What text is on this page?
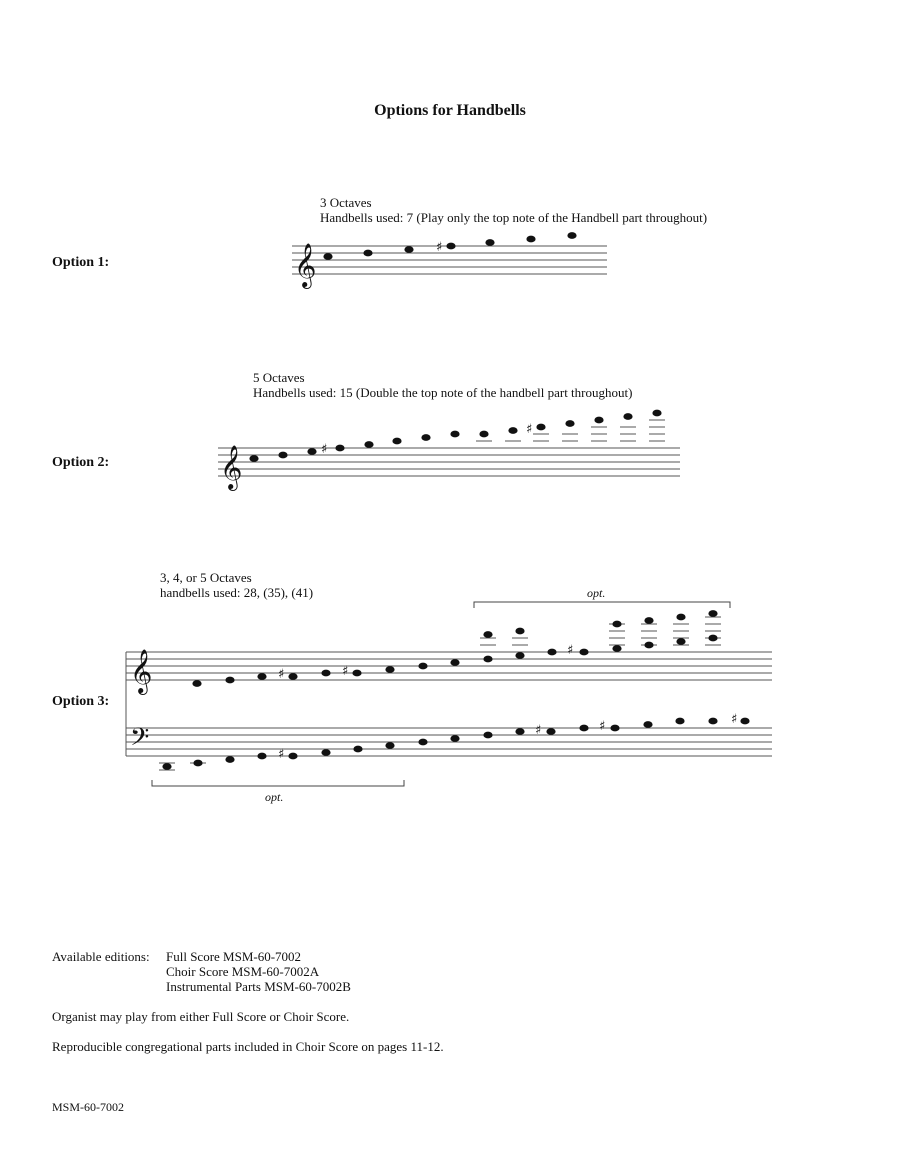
Options for Handbells
3 Octaves
Handbells used: 7 (Play only the top note of the Handbell part throughout)
Option 1:	𝄞	♯
5 Octaves
Handbells used: 15 (Double the top note of the handbell part throughout)
Option 2:	𝄞	♯
♯
3, 4, or 5 Octaves
handbells used: 28, (35), (41)
Option 3:
opt.
opt.
𝄞
𝄢
♯	♯
♯
♯
♯	♯	♯
Available editions: Full Score MSM-60-7002
Choir Score MSM-60-7002A
Instrumental Parts MSM-60-7002B
Organist may play from either Full Score or Choir Score.
Reproducible congregational parts included in Choir Score on pages 11-12.
MSM-60-7002
